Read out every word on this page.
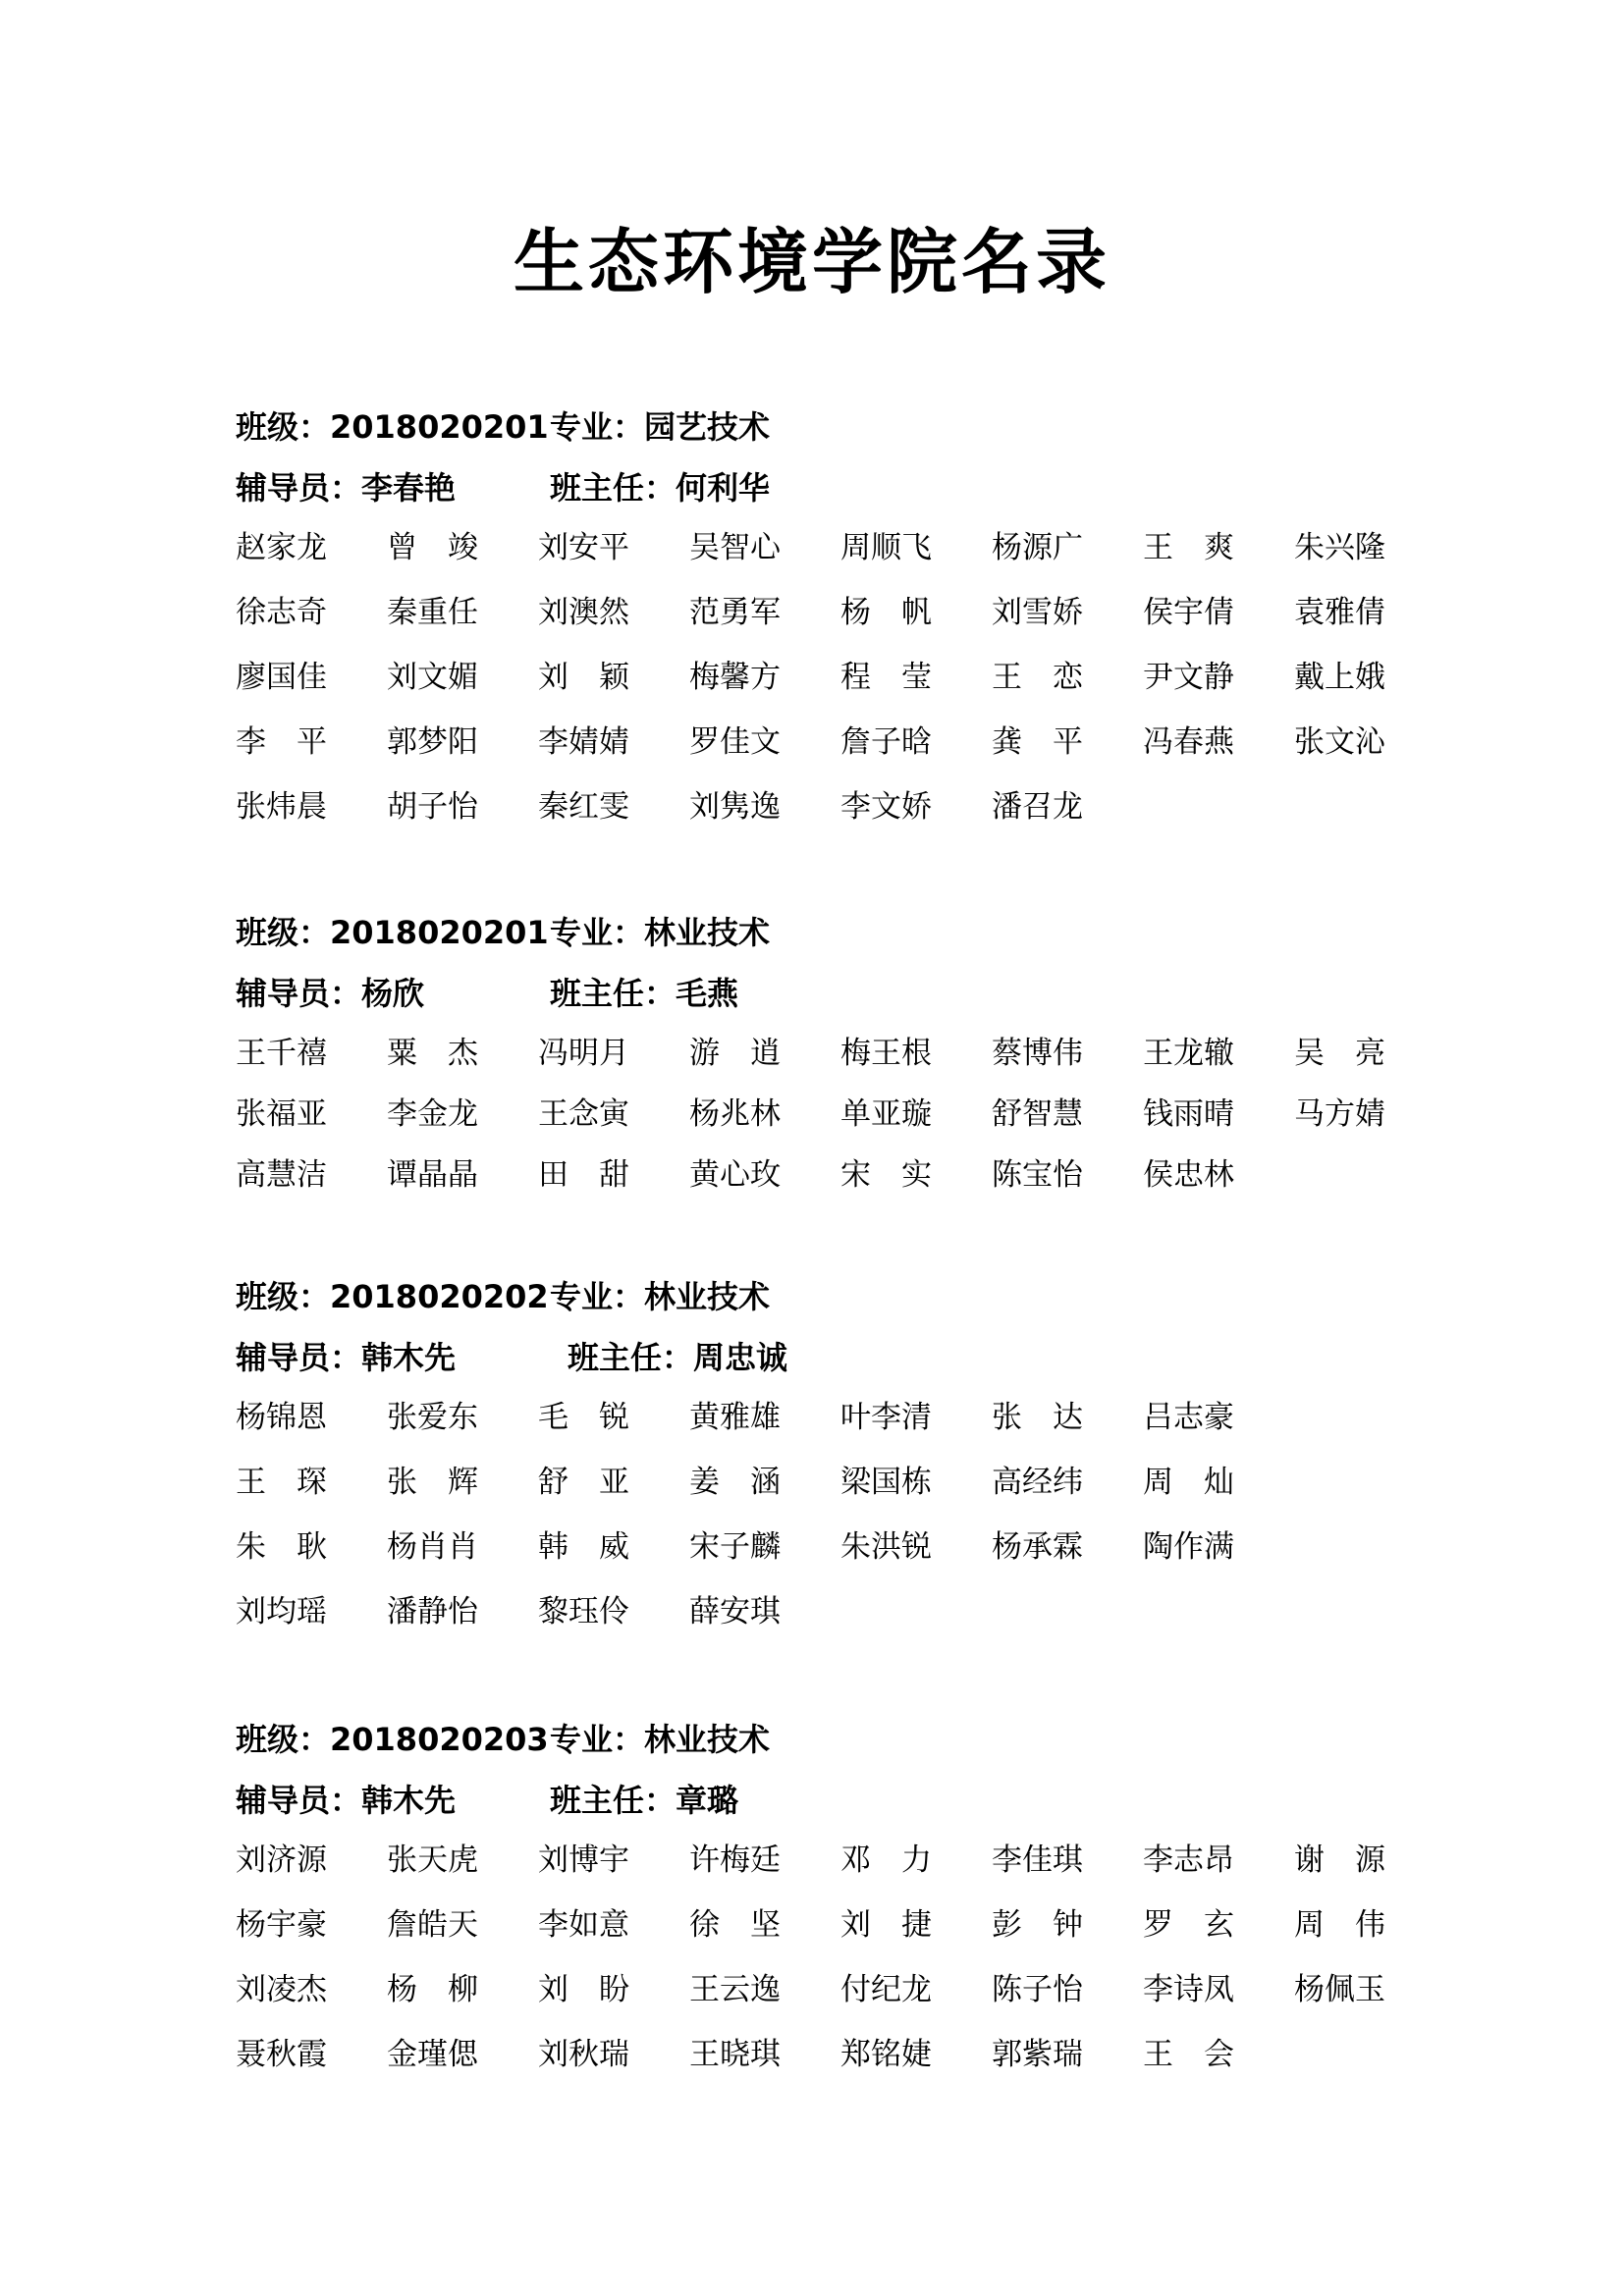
生态环境学院名录
班级：2018020201 专业：园艺技术
辅导员：李春艳	班主任：何利华
赵家龙	曾　竣	刘安平	吴智心	周顺飞	杨源广	王　爽	朱兴隆
徐志奇	秦重任	刘澳然	范勇军	杨　帆	刘雪娇	侯宇倩	袁雅倩
廖国佳	刘文媚	刘　颖	梅馨方	程　莹	王　恋	尹文静	戴上娥
李　平	郭梦阳	李婧婧	罗佳文	詹子晗	龚　平	冯春燕	张文沁
张炜晨	胡子怡	秦红雯	刘隽逸	李文娇	潘召龙
班级：2018020201 专业：林业技术
辅导员：杨欣	班主任：毛燕
王千禧	粟　杰	冯明月	游　逍	梅王根	蔡博伟	王龙辙	吴　亮
张福亚	李金龙	王念寅	杨兆林	单亚璇	舒智慧	钱雨晴	马方婧
高慧洁	谭晶晶	田　甜	黄心玫	宋　实	陈宝怡	侯忠林
班级：2018020202 专业：林业技术
辅导员：韩木先	班主任：周忠诚
杨锦恩	张爱东	毛　锐	黄雅雄	叶李清	张　达	吕志豪
王　琛	张　辉	舒　亚	姜　涵	梁国栋	高经纬	周　灿
朱　耿	杨肖肖	韩　威	宋子麟	朱洪锐	杨承霖	陶作满
刘均瑶	潘静怡	黎珏伶	薛安琪
班级：2018020203 专业：林业技术
辅导员：韩木先	班主任：章璐
刘济源	张天虎	刘博宇	许梅廷	邓　力	李佳琪	李志昂	谢　源
杨宇豪	詹皓天	李如意	徐　坚	刘　捷	彭　钟	罗　玄	周　伟
刘凌杰	杨　柳	刘　盼	王云逸	付纪龙	陈子怡	李诗凤	杨佩玉
聂秋霞	金瑾偲	刘秋瑞	王晓琪	郑铭婕	郭紫瑞	王　会
